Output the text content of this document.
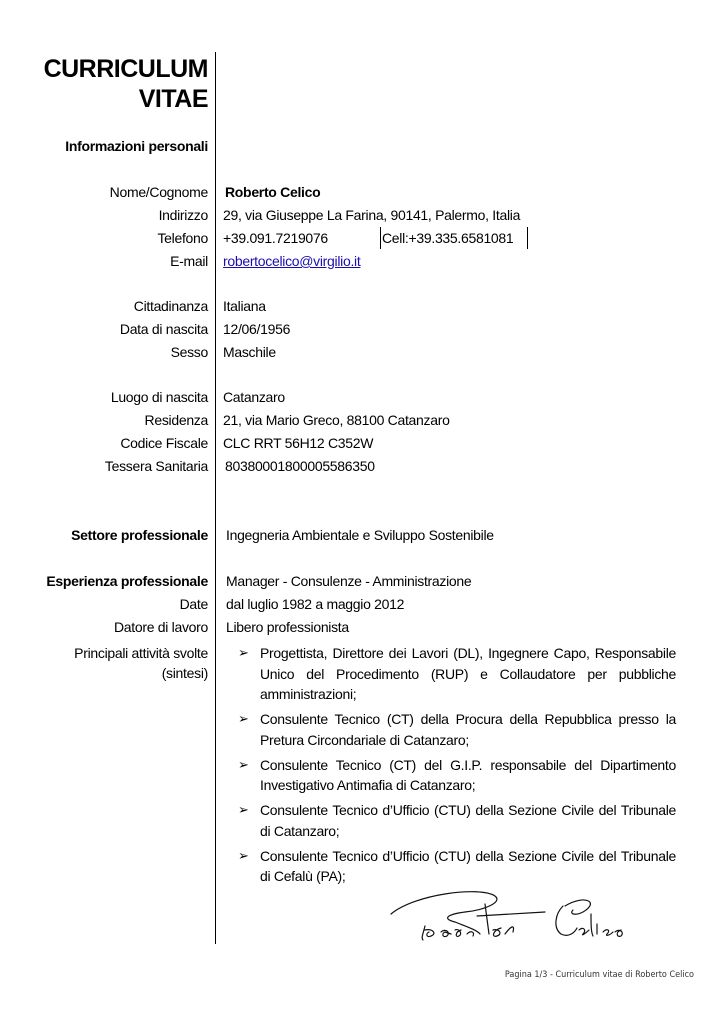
CURRICULUM
VITAE
Informazioni personali
Nome/Cognome Roberto Celico
Indirizzo 29, via Giuseppe La Farina, 90141, Palermo, Italia
Telefono +39.091.7219076	Cell:+39.335.6581081
E-mail robertocelico@virgilio.it
Cittadinanza Italiana
Data di nascita 12/06/1956
Sesso Maschile
Luogo di nascita Catanzaro
Residenza 21, via Mario Greco, 88100 Catanzaro
Codice Fiscale CLC RRT 56H12 C352W
Tessera Sanitaria 80380001800005586350
Settore professionale Ingegneria Ambientale e Sviluppo Sostenibile
Esperienza professionale Manager - Consulenze - Amministrazione
Date dal luglio 1982 a maggio 2012
Datore di lavoro Libero professionista
Principali attività svolte
(sintesi)
➢ Progettista, Direttore dei Lavori (DL), Ingegnere Capo, Responsabile Unico del Procedimento (RUP) e Collaudatore per pubbliche amministrazioni;
➢ Consulente Tecnico (CT) della Procura della Repubblica presso la Pretura Circondariale di Catanzaro;
➢ Consulente Tecnico (CT) del G.I.P. responsabile del Dipartimento Investigativo Antimafia di Catanzaro;
➢ Consulente Tecnico d’Ufficio (CTU) della Sezione Civile del Tribunale di Catanzaro;
➢ Consulente Tecnico d’Ufficio (CTU) della Sezione Civile del Tribunale di Cefalù (PA);
Pagina 1/3 - Curriculum vitae di Roberto Celico
